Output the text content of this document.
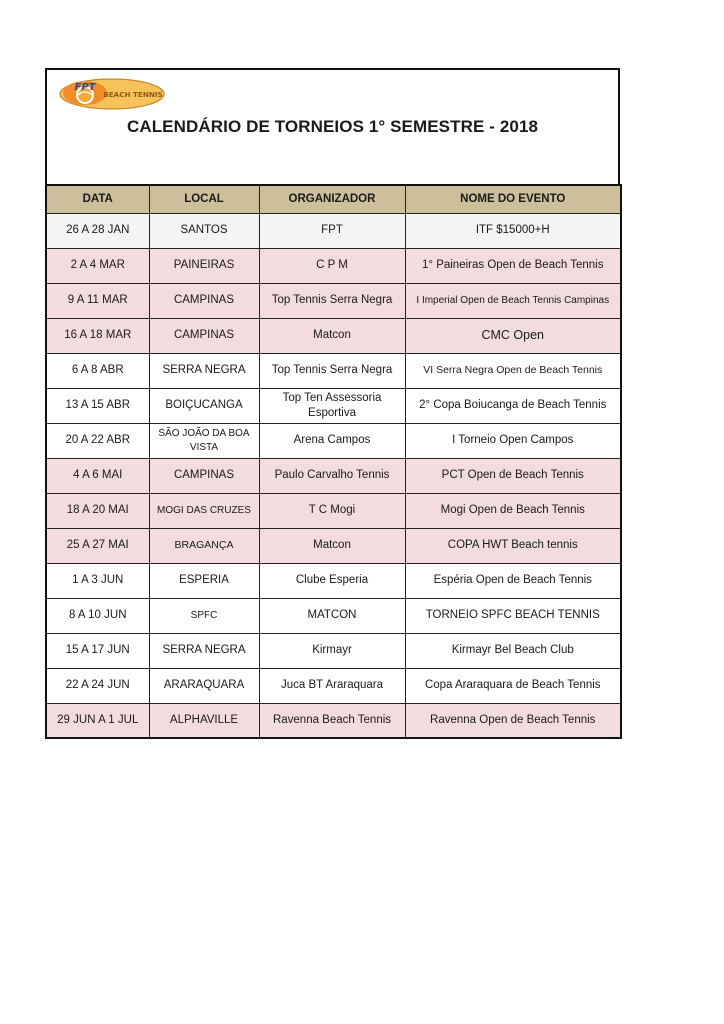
FPT
BEACH TENNIS
CALENDÁRIO DE TORNEIOS 1° SEMESTRE - 2018
DATA	LOCAL	ORGANIZADOR	NOME DO EVENTO
26 A 28 JAN	SANTOS	FPT	ITF $15000+H
2 A 4 MAR	PAINEIRAS	C P M	1° Paineiras Open de Beach Tennis
9 A 11 MAR	CAMPINAS	Top Tennis Serra Negra	I Imperial Open de Beach Tennis Campinas
16 A 18 MAR	CAMPINAS	Matcon	CMC Open
6 A 8 ABR	SERRA NEGRA	Top Tennis Serra Negra	VI Serra Negra Open de Beach Tennis
13 A 15 ABR	BOIÇUCANGA	Top Ten Assessoria Esportiva	2° Copa Boiucanga de Beach Tennis
20 A 22 ABR	SÃO JOÃO DA BOA VISTA	Arena Campos	I Torneio Open Campos
4 A 6 MAI	CAMPINAS	Paulo Carvalho Tennis	PCT Open de Beach Tennis
18 A 20 MAI	MOGI DAS CRUZES	T C Mogi	Mogi Open de Beach Tennis
25 A 27 MAI	BRAGANÇA	Matcon	COPA HWT Beach tennis
1 A 3 JUN	ESPERIA	Clube Esperia	Espéria Open de Beach Tennis
8 A 10 JUN	SPFC	MATCON	TORNEIO SPFC BEACH TENNIS
15 A 17 JUN	SERRA NEGRA	Kirmayr	Kirmayr Bel Beach Club
22 A 24 JUN	ARARAQUARA	Juca BT Araraquara	Copa Araraquara de Beach Tennis
29 JUN A 1 JUL	ALPHAVILLE	Ravenna Beach Tennis	Ravenna Open de Beach Tennis
